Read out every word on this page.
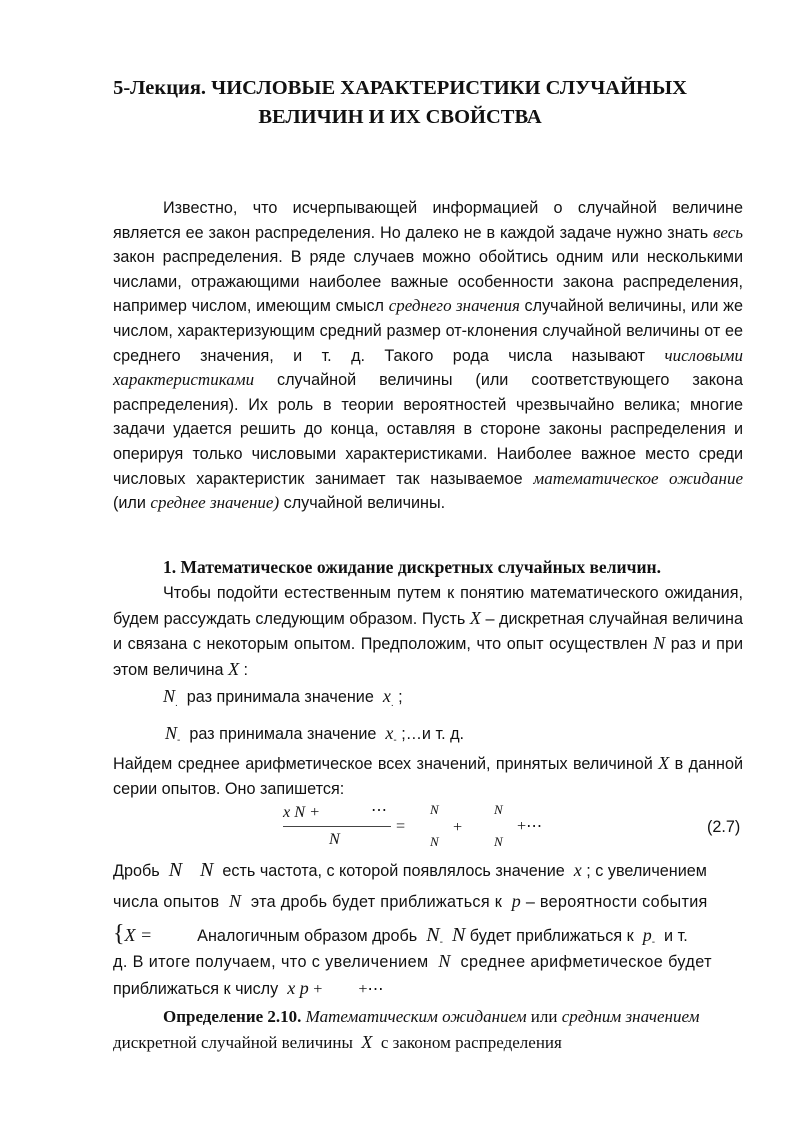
5-Лекция. ЧИСЛОВЫЕ ХАРАКТЕРИСТИКИ СЛУЧАЙНЫХ
ВЕЛИЧИН И ИХ СВОЙСТВА

Известно, что исчерпывающей информацией о случайной величине является ее закон распределения. Но далеко не в каждой задаче нужно знать весь закон распределения. В ряде случаев можно обойтись одним или несколькими числами, отражающими наиболее важные особенности закона распределения, например числом, имеющим смысл среднего значения случайной величины, или же числом, характеризующим средний размер от-клонения случайной величины от ее среднего значения, и т. д. Такого рода числа называют числовыми характеристиками случайной величины (или соответствующего закона распределения). Их роль в теории вероятностей чрезвычайно велика; многие задачи удается решить до конца, оставляя в стороне законы распределения и оперируя только числовыми характеристиками. Наиболее важное место среди числовых характеристик занимает так называемое математическое ожидание (или среднее значение) случайной величины.

1. Математическое ожидание дискретных случайных величин.

Чтобы подойти естественным путем к понятию математического ожидания, будем рассуждать следующим образом. Пусть X – дискретная случайная величина и связана с некоторым опытом. Предположим, что опыт осуществлен N раз и при этом величина X :

$N_.$ раз принимала значение $x_.$ ;
$N_-$ раз принимала значение $x_-$ ;…и т. д.

Найдем среднее арифметическое всех значений, принятых величиной X в данной серии опытов. Оно запишется:

x N +	⋯
N
=
N
N
+
N
N
+⋯	(2.7)
Дробь N N есть частота, с которой появлялось значение x ; с увеличением
числа опытов N эта дробь будет приближаться к p – вероятности события
{X =	Аналогичным образом дробь $N_-$ N будет приближаться к $p_-$ и т.
д. В итоге получаем, что с увеличением N среднее арифметическое будет
приближаться к числу x p + +⋯
Определение 2.10. Математическим ожиданием или средним значением
дискретной случайной величины X с законом распределения
